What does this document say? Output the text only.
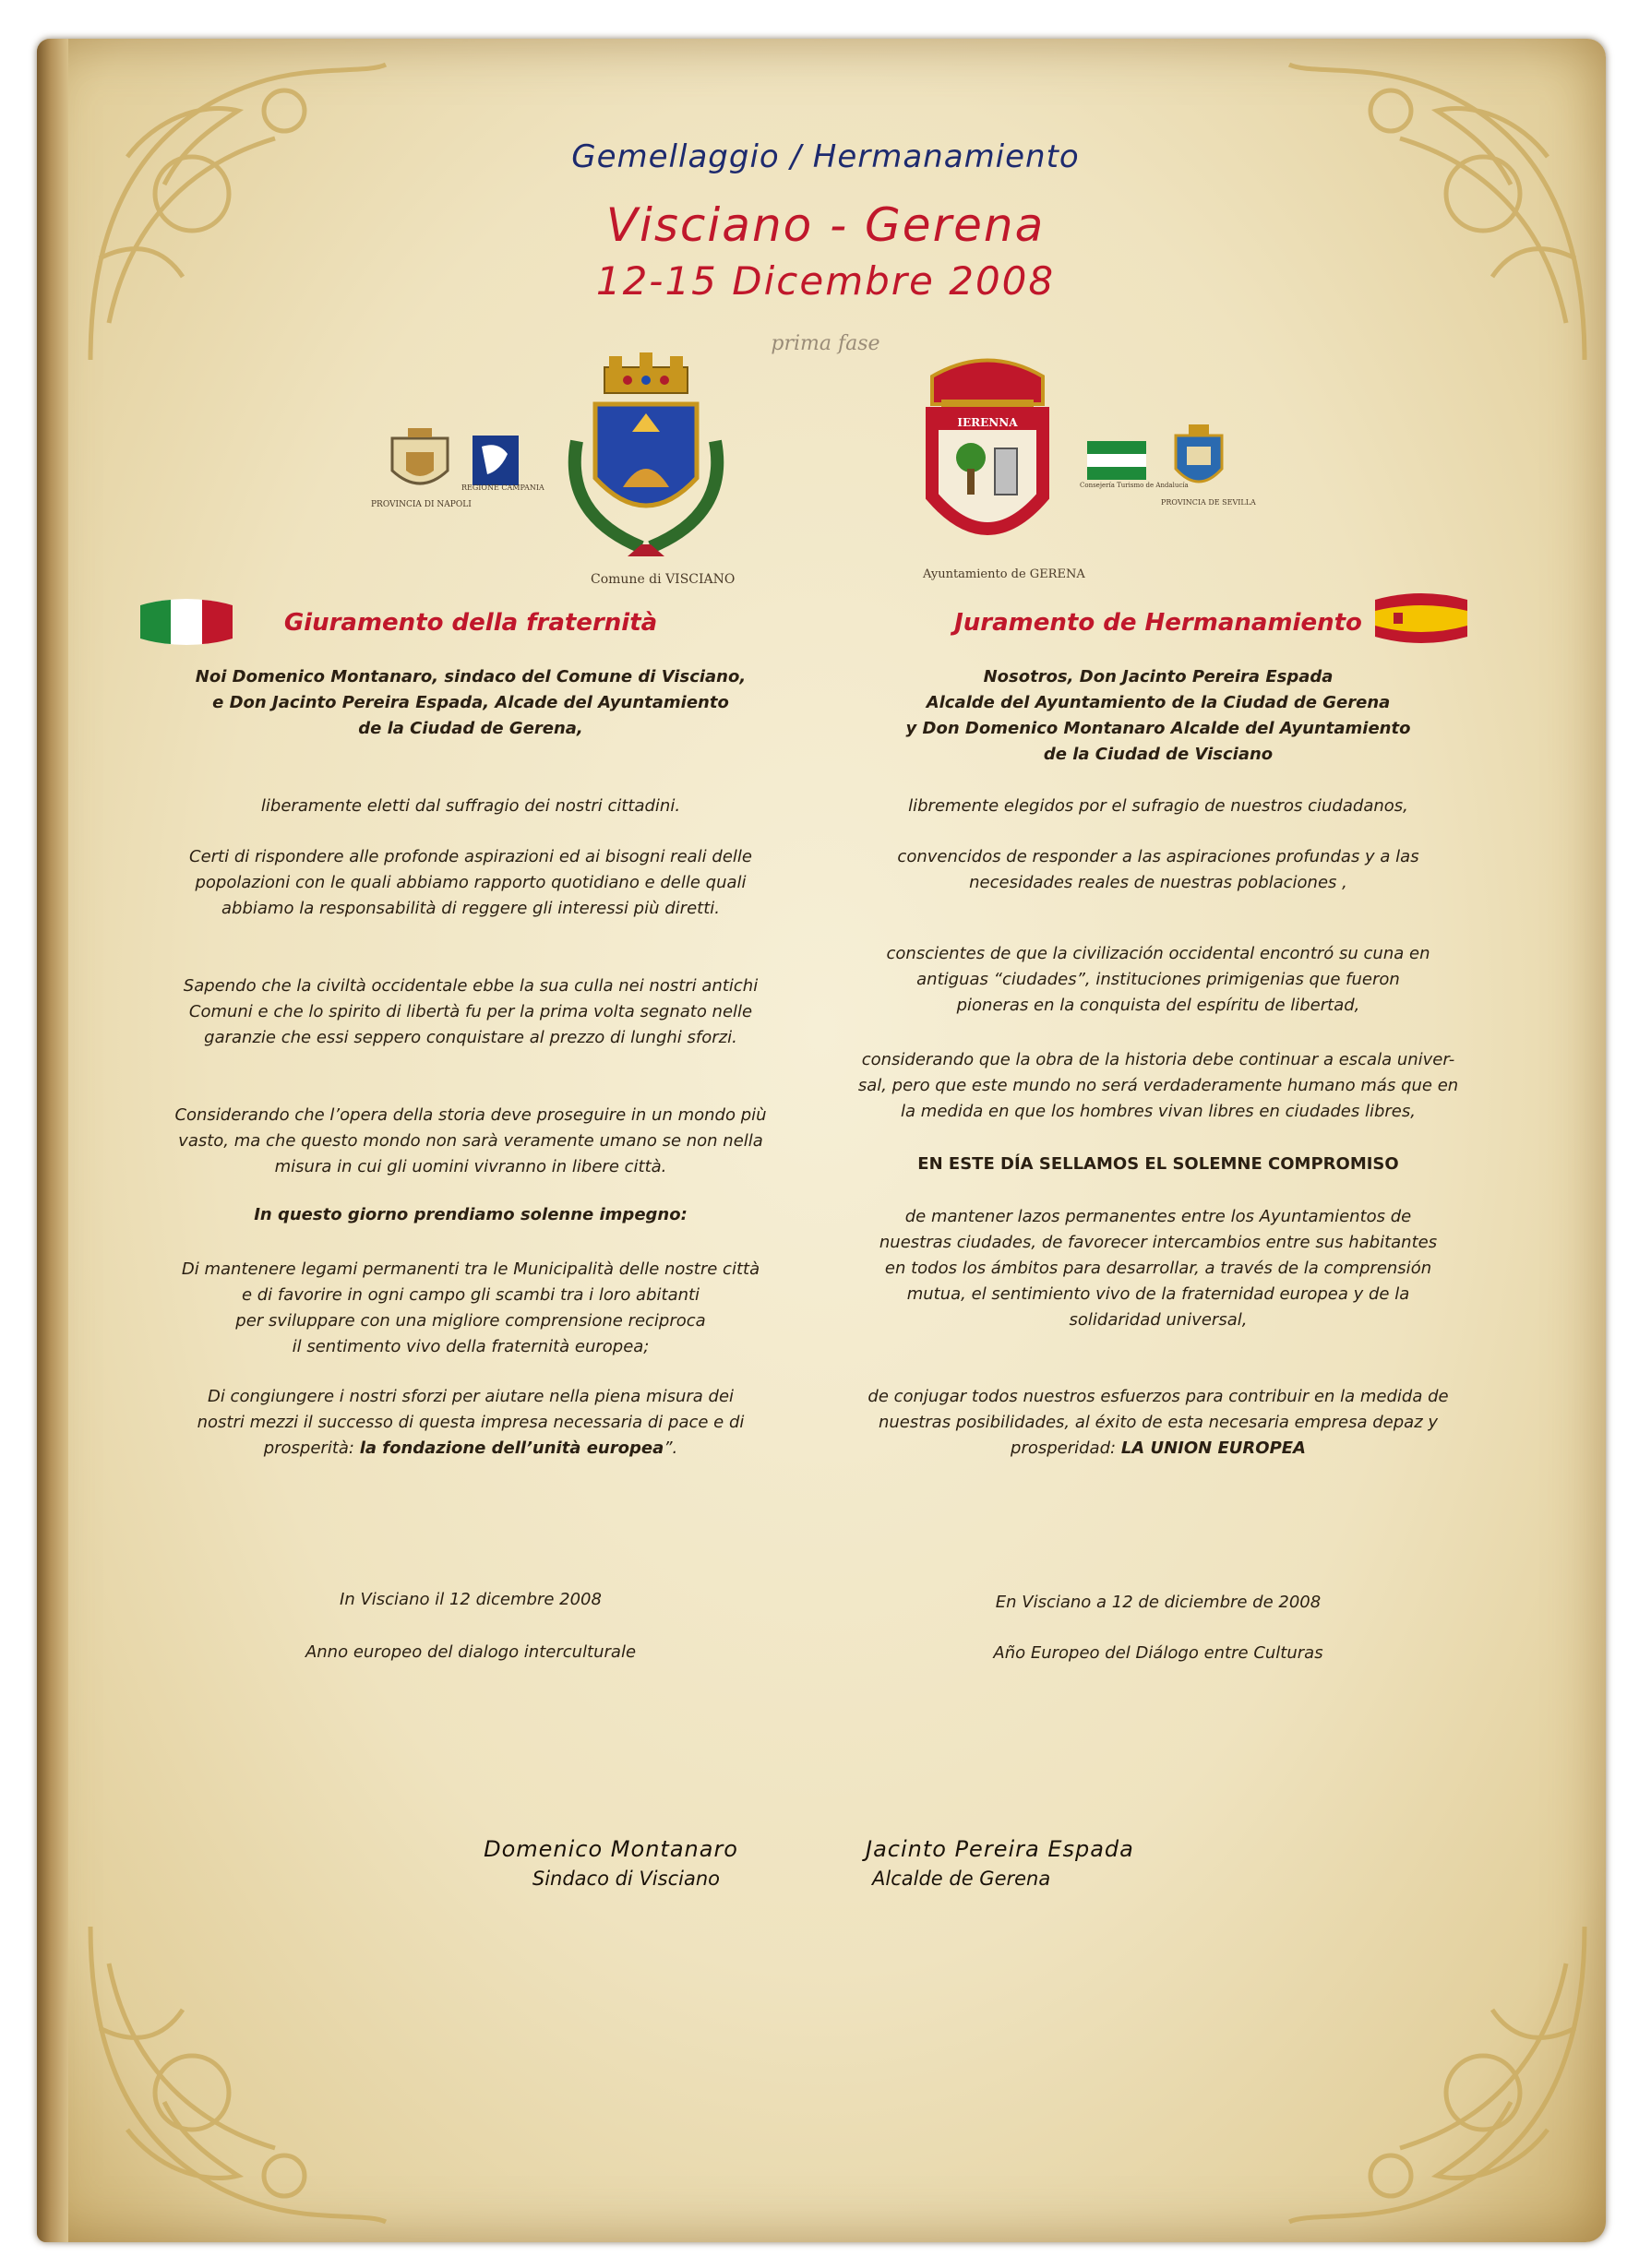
Gemellaggio / Hermanamiento
Visciano - Gerena
12-15 Dicembre 2008
prima fase
PROVINCIA DI NAPOLI
REGIONE CAMPANIA
Comune di VISCIANO
IERENNA
Ayuntamiento de GERENA
Consejería Turismo de Andalucía
PROVINCIA DE SEVILLA

Giuramento della fraternità

Noi Domenico Montanaro, sindaco del Comune di Visciano,

e Don Jacinto Pereira Espada, Alcade del Ayuntamiento

de la Ciudad de Gerena,

liberamente eletti dal suffragio dei nostri cittadini.

Certi di rispondere alle profonde aspirazioni ed ai bisogni reali delle

popolazioni con le quali abbiamo rapporto quotidiano e delle quali

abbiamo la responsabilità di reggere gli interessi più diretti.

Sapendo che la civiltà occidentale ebbe la sua culla nei nostri antichi

Comuni e che lo spirito di libertà fu per la prima volta segnato nelle

garanzie che essi seppero conquistare al prezzo di lunghi sforzi.

Considerando che l’opera della storia deve proseguire in un mondo più

vasto, ma che questo mondo non sarà veramente umano se non nella

misura in cui gli uomini vivranno in libere città.

In questo giorno prendiamo solenne impegno:

Di mantenere legami permanenti tra le Municipalità delle nostre città

e di favorire in ogni campo gli scambi tra i loro abitanti

per sviluppare con una migliore comprensione reciproca

il sentimento vivo della fraternità europea;

Di congiungere i nostri sforzi per aiutare nella piena misura dei

nostri mezzi il successo di questa impresa necessaria di pace e di

prosperità: la fondazione dell’unità europea”.

In Visciano il 12 dicembre 2008

Anno europeo del dialogo interculturale

Juramento de Hermanamiento

Nosotros, Don Jacinto Pereira Espada

Alcalde del Ayuntamiento de la Ciudad de Gerena

y Don Domenico Montanaro Alcalde del Ayuntamiento

de la Ciudad de Visciano

libremente elegidos por el sufragio de nuestros ciudadanos,

convencidos de responder a las aspiraciones profundas y a las

necesidades reales de nuestras poblaciones ,

conscientes de que la civilización occidental encontró su cuna en

antiguas “ciudades”, instituciones primigenias que fueron

pioneras en la conquista del espíritu de libertad,

considerando que la obra de la historia debe continuar a escala univer-

sal, pero que este mundo no será verdaderamente humano más que en

la medida en que los hombres vivan libres en ciudades libres,

EN ESTE DÍA SELLAMOS EL SOLEMNE COMPROMISO

de mantener lazos permanentes entre los Ayuntamientos de

nuestras ciudades, de favorecer intercambios entre sus habitantes

en todos los ámbitos para desarrollar, a través de la comprensión

mutua, el sentimiento vivo de la fraternidad europea y de la

solidaridad universal,

de conjugar todos nuestros esfuerzos para contribuir en la medida de

nuestras posibilidades, al éxito de esta necesaria empresa depaz y

prosperidad: LA UNION EUROPEA

En Visciano a 12 de diciembre de 2008

Año Europeo del Diálogo entre Culturas

Domenico Montanaro
Sindaco di Visciano
Jacinto Pereira Espada
Alcalde de Gerena
